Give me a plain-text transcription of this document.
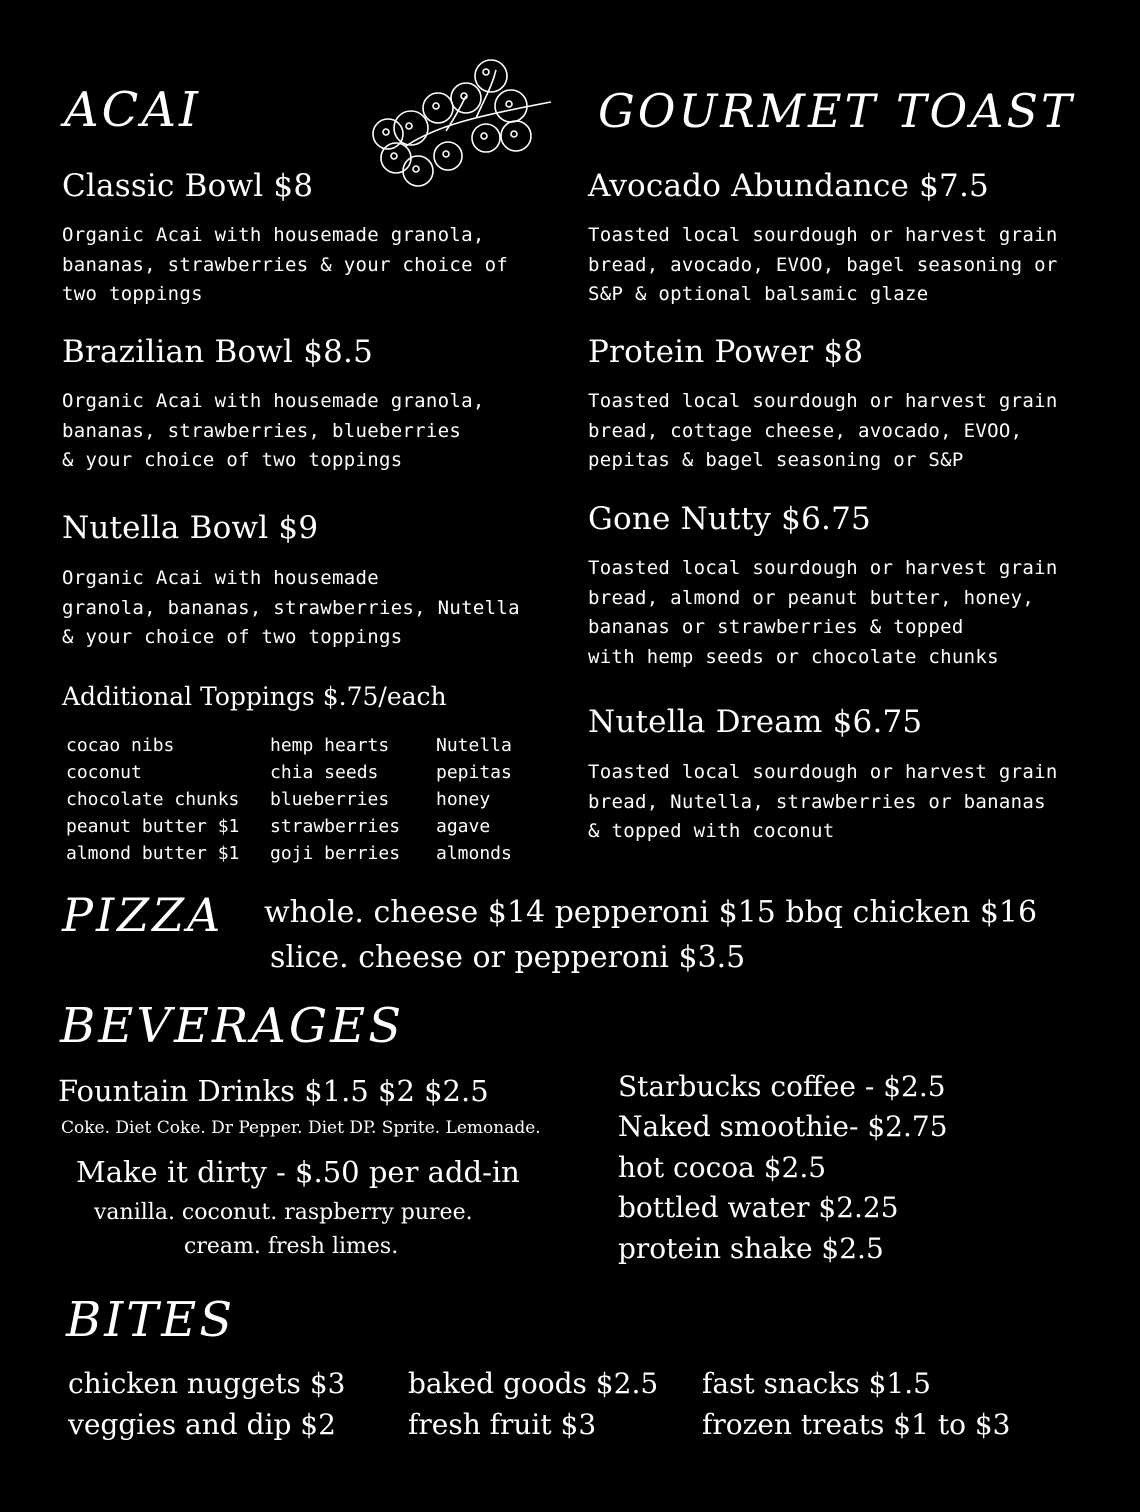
ACAI
Classic Bowl $8
Organic Acai with housemade granola,
bananas, strawberries & your choice of
two toppings
Brazilian Bowl $8.5
Organic Acai with housemade granola,
bananas, strawberries, blueberries
& your choice of two toppings
Nutella Bowl $9
Organic Acai with housemade
granola, bananas, strawberries, Nutella
& your choice of two toppings
Additional Toppings $.75/each
cocao nibs
coconut
chocolate chunks
peanut butter $1
almond butter $1
hemp hearts
chia seeds
blueberries
strawberries
goji berries
Nutella
pepitas
honey
agave
almonds
GOURMET TOAST
Avocado Abundance $7.5
Toasted local sourdough or harvest grain
bread, avocado, EVOO, bagel seasoning or
S&P & optional balsamic glaze
Protein Power $8
Toasted local sourdough or harvest grain
bread, cottage cheese, avocado, EVOO,
pepitas & bagel seasoning or S&P
Gone Nutty $6.75
Toasted local sourdough or harvest grain
bread, almond or peanut butter, honey,
bananas or strawberries & topped
with hemp seeds or chocolate chunks
Nutella Dream $6.75
Toasted local sourdough or harvest grain
bread, Nutella, strawberries or bananas
& topped with coconut
PIZZA whole. cheese $14 pepperoni $15 bbq chicken $16
slice. cheese or pepperoni $3.5
BEVERAGES
Fountain Drinks $1.5 $2 $2.5
Coke. Diet Coke. Dr Pepper. Diet DP. Sprite. Lemonade.
Make it dirty - $.50 per add-in
vanilla. coconut. raspberry puree.
cream. fresh limes.
Starbucks coffee - $2.5
Naked smoothie- $2.75
hot cocoa $2.5
bottled water $2.25
protein shake $2.5
BITES
chicken nuggets $3
veggies and dip $2
baked goods $2.5
fresh fruit $3
fast snacks $1.5
frozen treats $1 to $3
